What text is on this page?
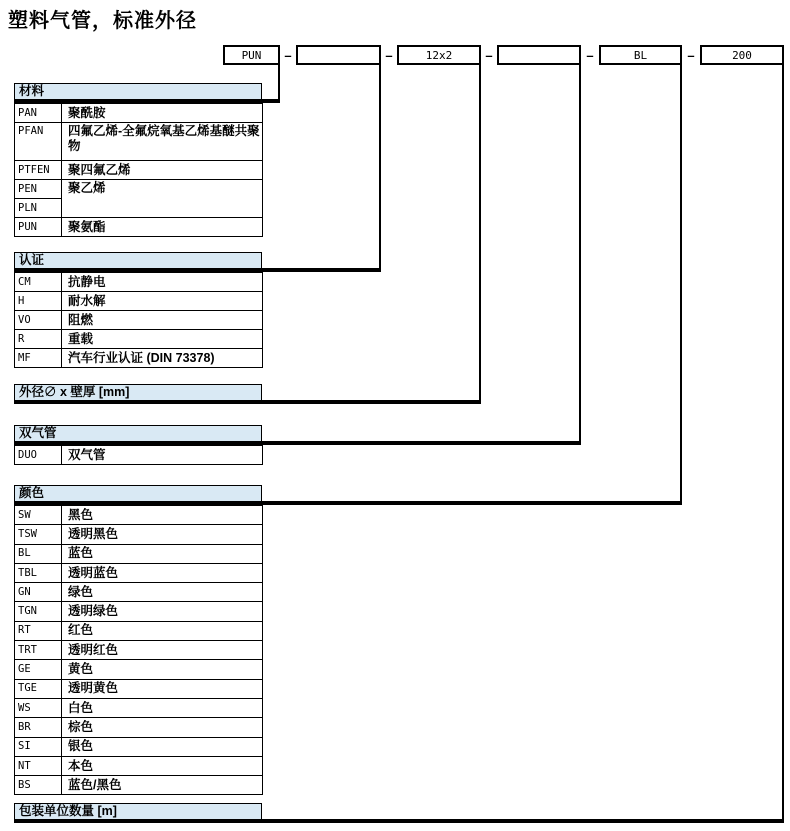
塑料气管，标准外径
PUN	–	–	12x2	–	–	BL	–	200
材料
PAN	聚酰胺
PFAN	四氟乙烯-全氟烷氧基乙烯基醚共聚物
PTFEN	聚四氟乙烯
PEN	聚乙烯
PLN	
PUN	聚氨酯
认证
CM	抗静电
H	耐水解
VO	阻燃
R	重载
MF	汽车行业认证 (DIN 73378)
外径∅ x 壁厚 [mm]
双气管
DUO	双气管
颜色
SW	黑色
TSW	透明黑色
BL	蓝色
TBL	透明蓝色
GN	绿色
TGN	透明绿色
RT	红色
TRT	透明红色
GE	黄色
TGE	透明黄色
WS	白色
BR	棕色
SI	银色
NT	本色
BS	蓝色/黑色
包装单位数量 [m]
